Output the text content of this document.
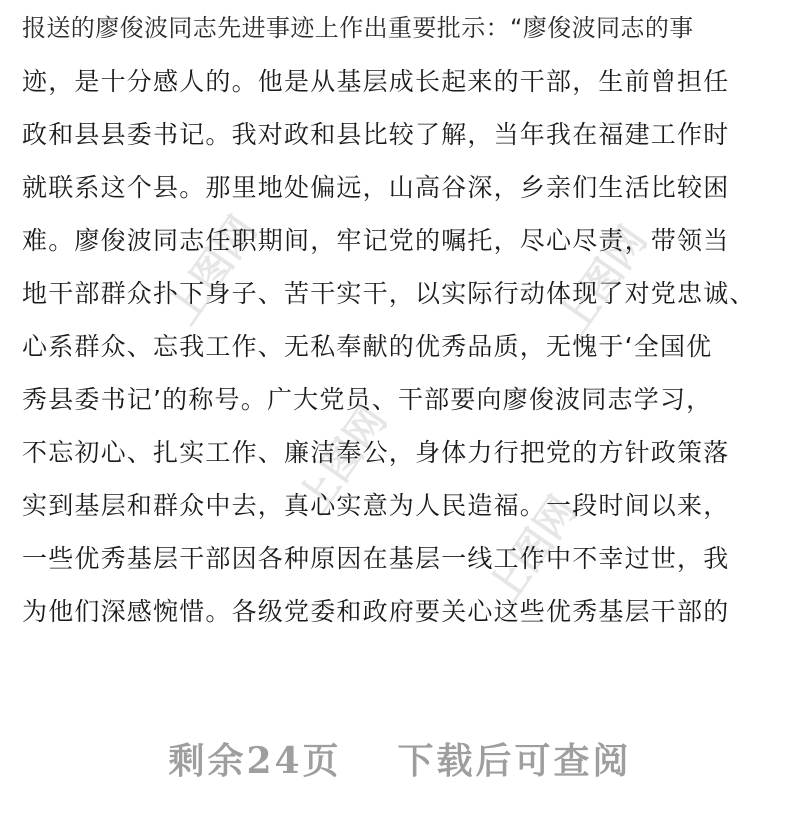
上图网	上图网
上图网
上图网
报送的廖俊波同志先进事迹上作出重要批示：“廖俊波同志的事
迹，是十分感人的。他是从基层成长起来的干部，生前曾担任
政和县县委书记。我对政和县比较了解，当年我在福建工作时
就联系这个县。那里地处偏远，山高谷深，乡亲们生活比较困
难。廖俊波同志任职期间，牢记党的嘱托，尽心尽责，带领当
地干部群众扑下身子、苦干实干，以实际行动体现了对党忠诚、
心系群众、忘我工作、无私奉献的优秀品质，无愧于‘全国优
秀县委书记’的称号。广大党员、干部要向廖俊波同志学习，
不忘初心、扎实工作、廉洁奉公，身体力行把党的方针政策落
实到基层和群众中去，真心实意为人民造福。一段时间以来，
一些优秀基层干部因各种原因在基层一线工作中不幸过世，我
为他们深感惋惜。各级党委和政府要关心这些优秀基层干部的
剩余24页 下载后可查阅
